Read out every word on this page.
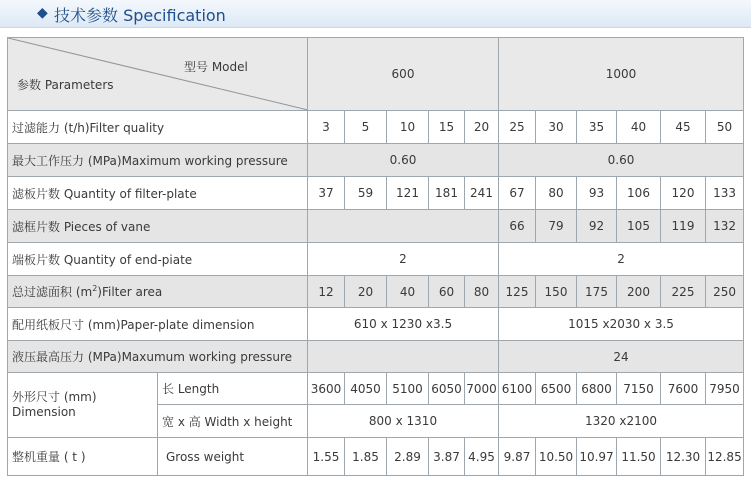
◆ 技术参数 Specification
型号 Model
参数 Parameters		600					1000					
过滤能力 (t/h)Filter quality		3	5	10	15	20	25	30	35	40	45	50
最大工作压力 (MPa)Maximum working pressure		0.60					0.60					
滤板片数 Quantity of filter-plate		37	59	121	181	241	67	80	93	106	120	133
滤框片数 Pieces of vane							66	79	92	105	119	132
端板片数 Quantity of end-piate		2					2					
总过滤面积 $(m^2)Filter$ area		12	20	40	60	80	125	150	175	200	225	250
配用纸板尺寸 (mm)Paper-plate dimension		610 x 1230 x3.5					1015 x2030 x 3.5					
液压最高压力 (MPa)Maxumum working pressure							24					
外形尺寸 (mm)
Dimension	长 Length	3600	4050	5100	6050	7000	6100	6500	6800	7150	7600	7950
	宽 x 高 Width x height	800 x 1310					1320 x2100					
整机重量 ( t )	Gross weight	1.55	1.85	2.89	3.87	4.95	9.87	10.50	10.97	11.50	12.30	12.85
